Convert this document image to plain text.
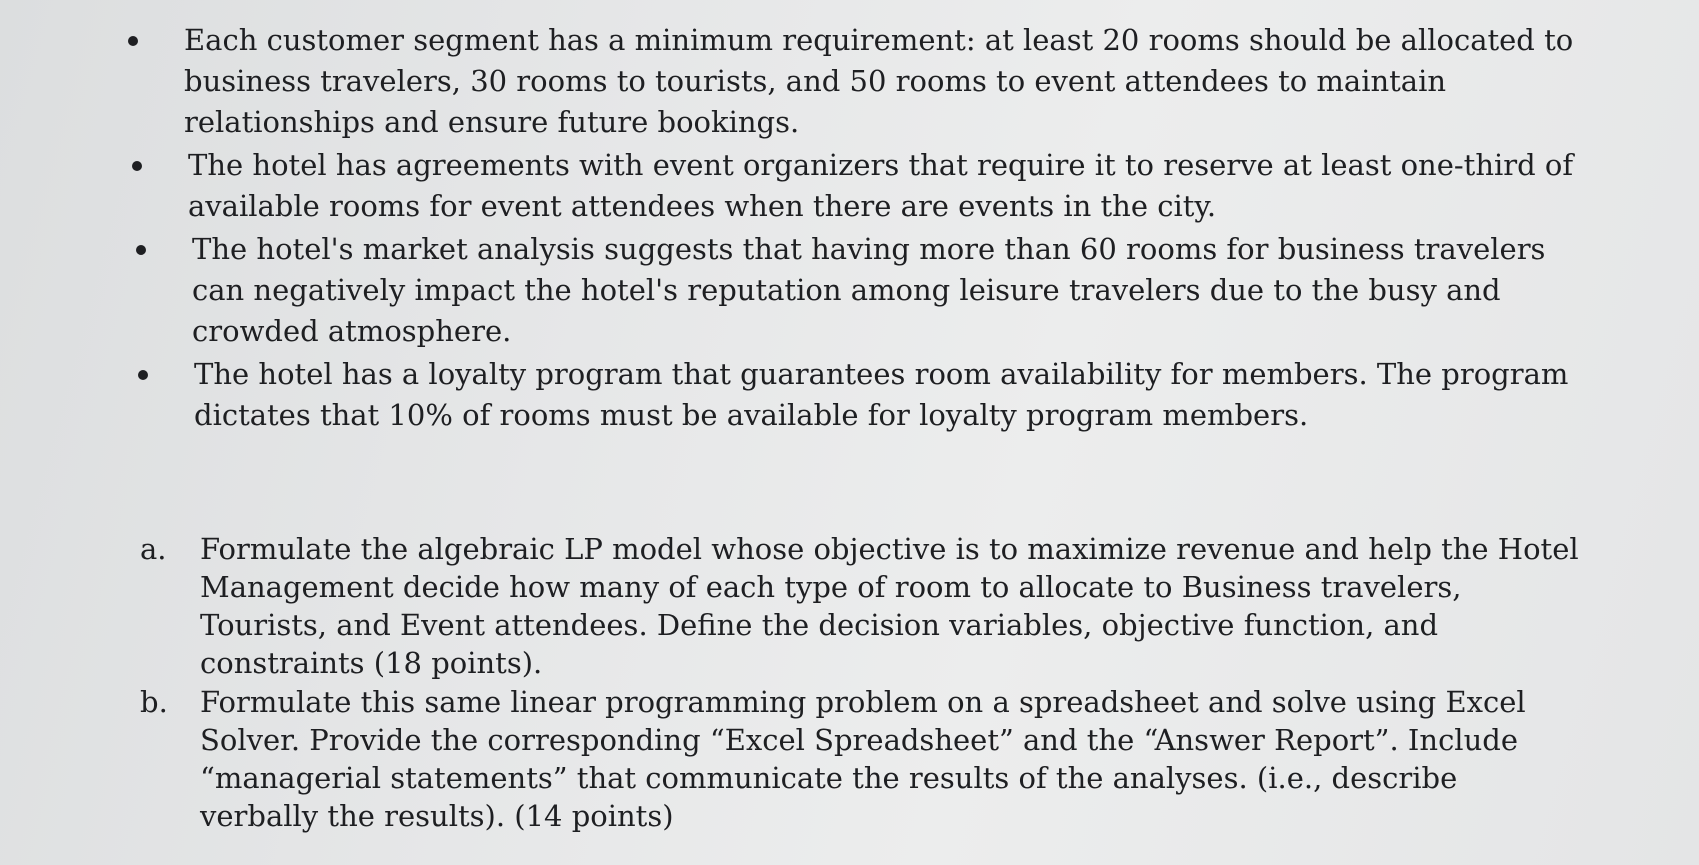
Each customer segment has a minimum requirement: at least 20 rooms should be allocated to business travelers, 30 rooms to tourists, and 50 rooms to event attendees to maintain relationships and ensure future bookings.
The hotel has agreements with event organizers that require it to reserve at least one-third of available rooms for event attendees when there are events in the city.
The hotel's market analysis suggests that having more than 60 rooms for business travelers can negatively impact the hotel's reputation among leisure travelers due to the busy and crowded atmosphere.
The hotel has a loyalty program that guarantees room availability for members. The program dictates that 10% of rooms must be available for loyalty program members.
a. Formulate the algebraic LP model whose objective is to maximize revenue and help the Hotel Management decide how many of each type of room to allocate to Business travelers, Tourists, and Event attendees. Define the decision variables, objective function, and constraints (18 points).
b. Formulate this same linear programming problem on a spreadsheet and solve using Excel Solver. Provide the corresponding “Excel Spreadsheet” and the “Answer Report”. Include “managerial statements” that communicate the results of the analyses. (i.e., describe verbally the results). (14 points)
